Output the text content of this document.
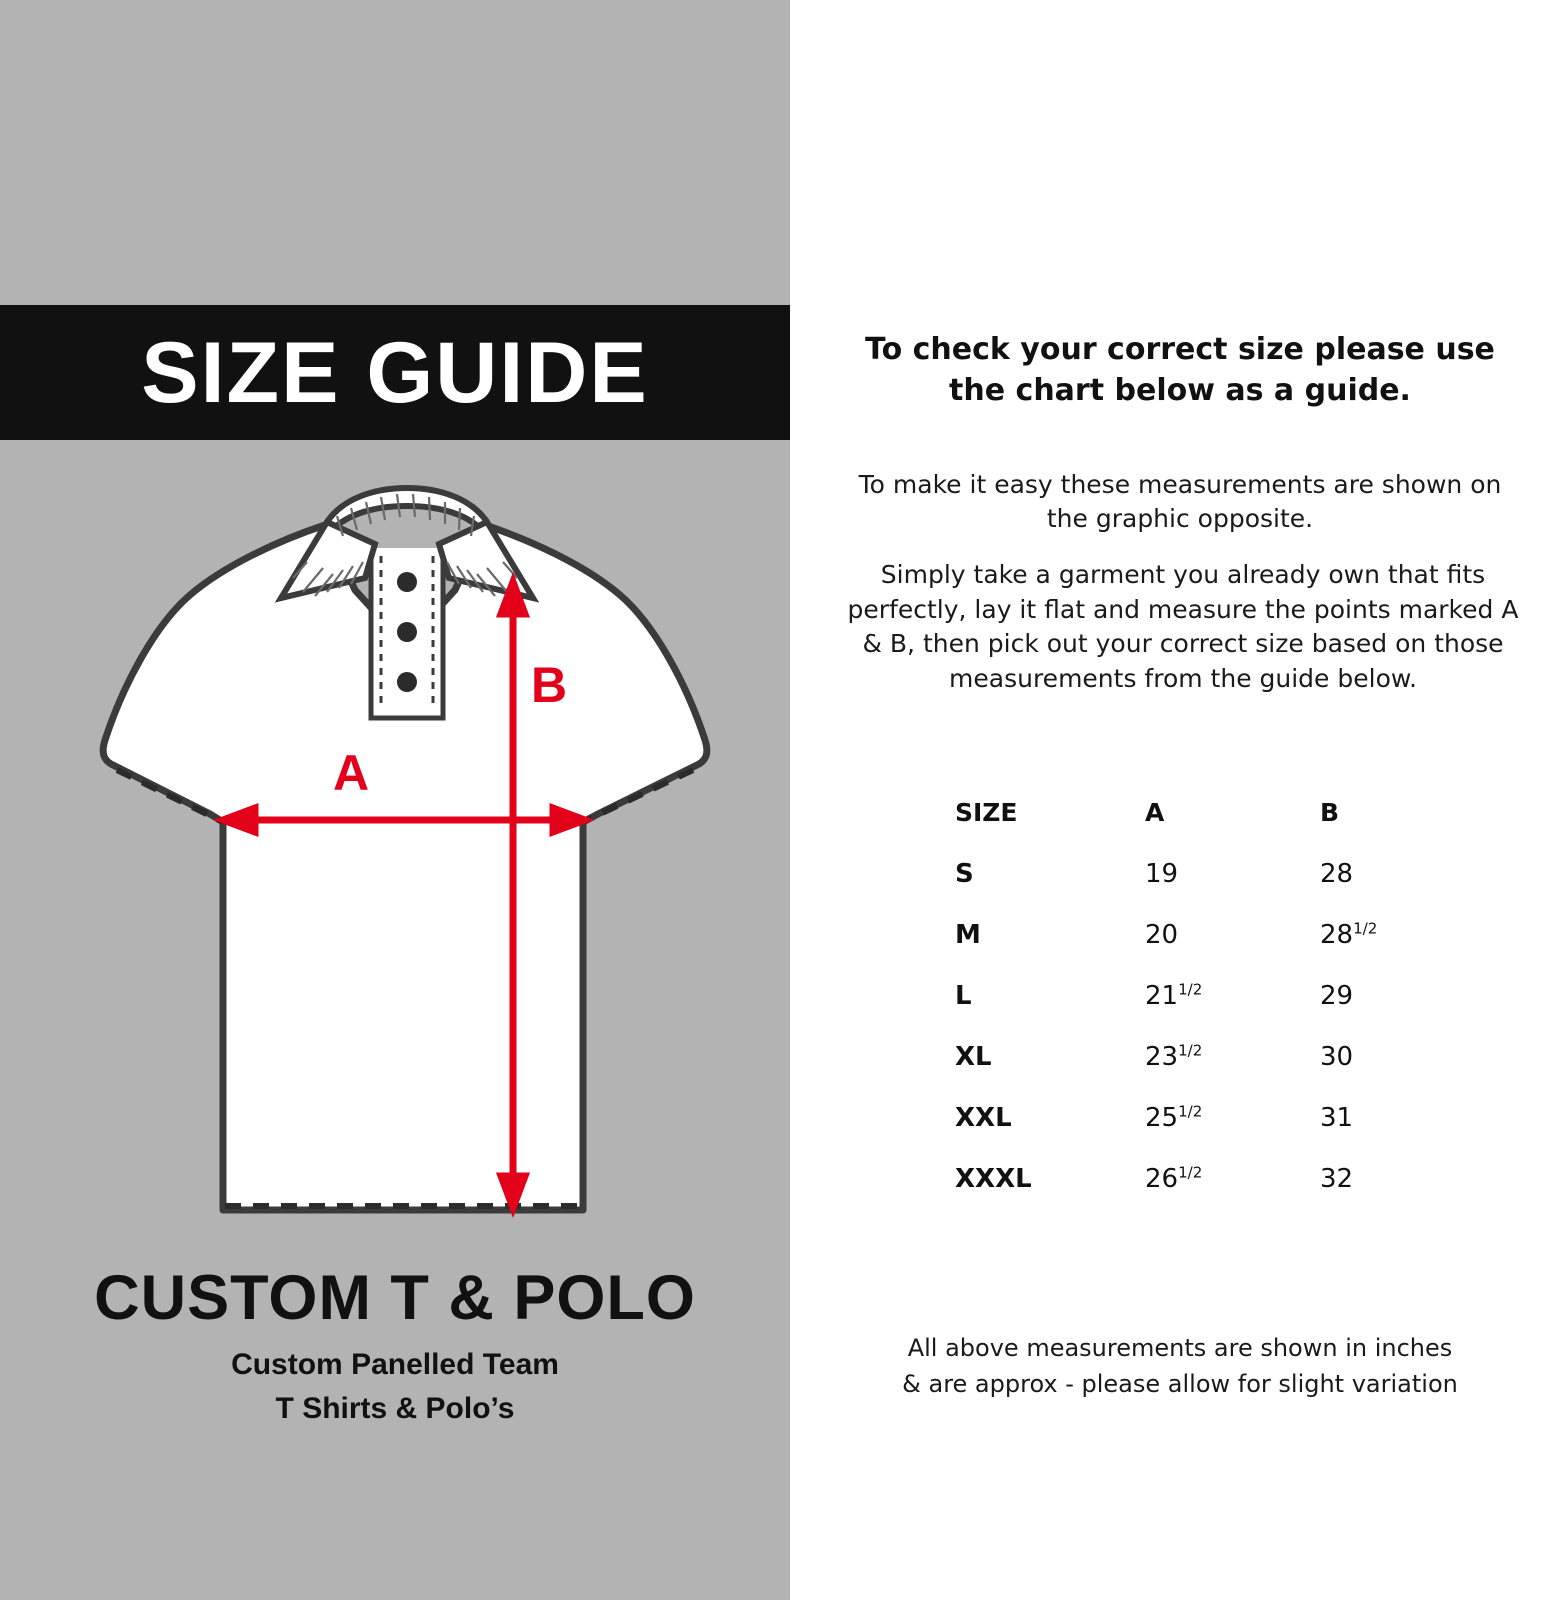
SIZE GUIDE
A
B
CUSTOM T & POLO
Custom Panelled Team
T Shirts & Polo’s
To check your correct size please use the chart below as a guide.
To make it easy these measurements are shown on the graphic opposite.
Simply take a garment you already own that fits perfectly, lay it flat and measure the points marked A & B, then pick out your correct size based on those measurements from the guide below.
SIZE	A	B
S	19	28
M	20	$28^{1/2}$
L	$21^{1/2}$	29
XL	$23^{1/2}$	30
XXL	$25^{1/2}$	31
XXXL	$26^{1/2}$	32
All above measurements are shown in inches
& are approx - please allow for slight variation
